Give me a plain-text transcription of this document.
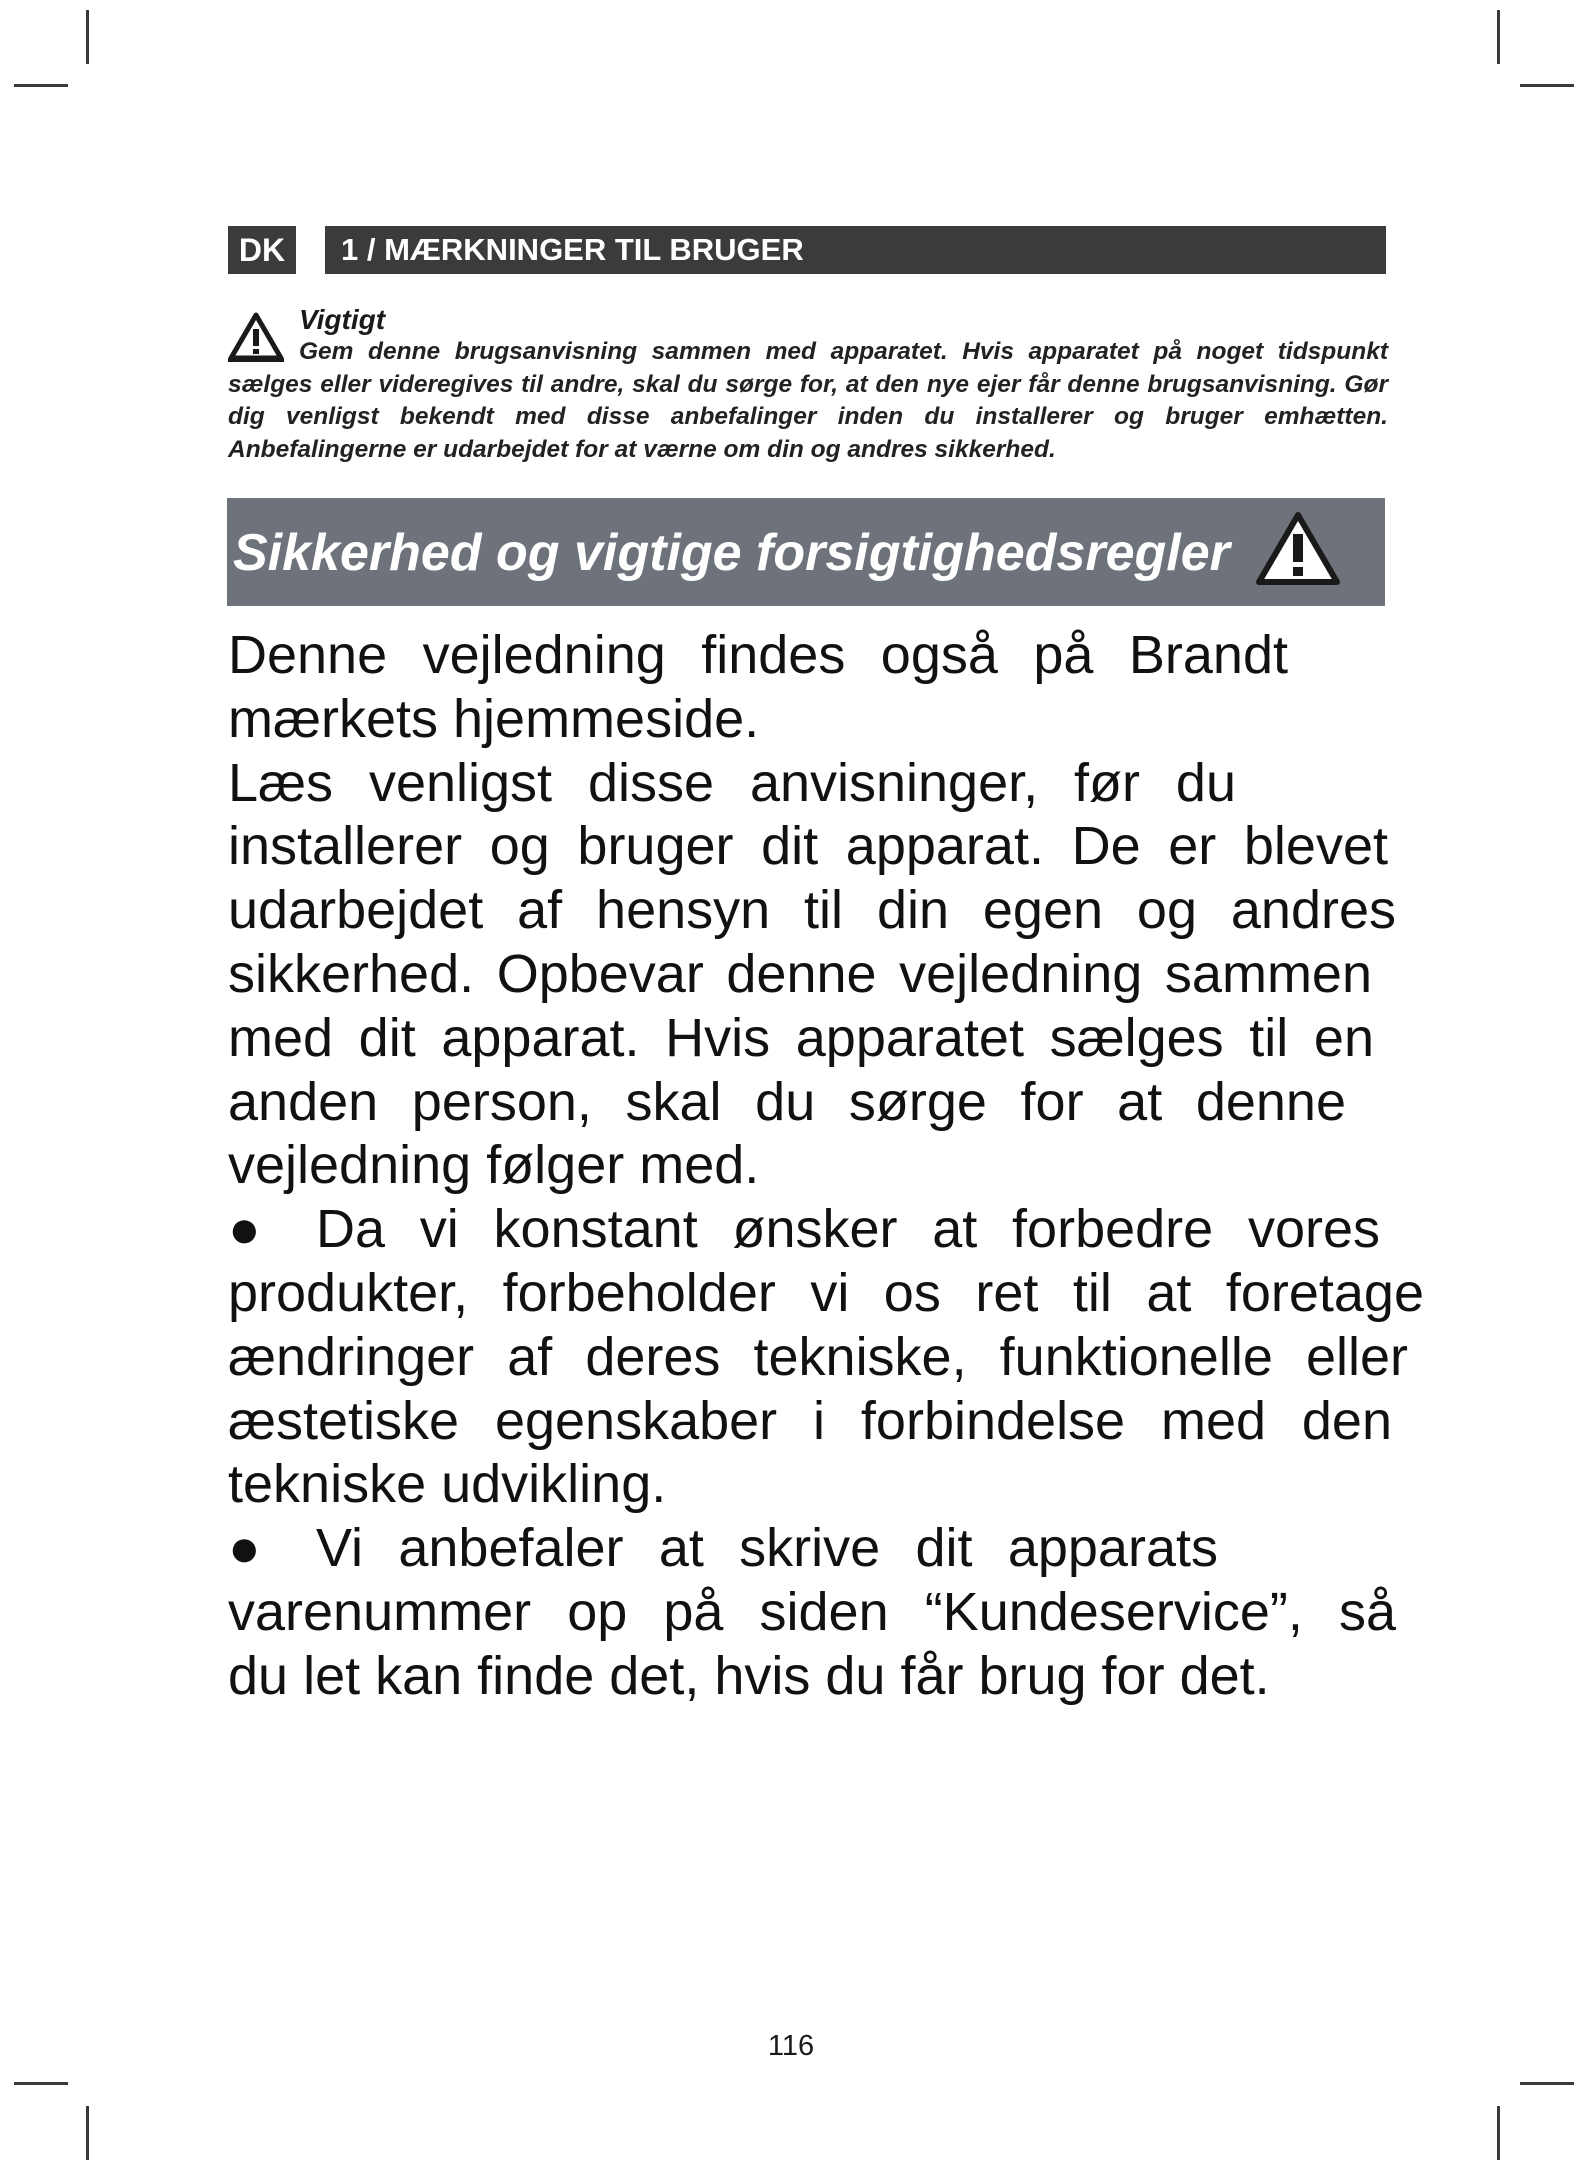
DK	1 / MÆRKNINGER TIL BRUGER
Vigtigt
Gem denne brugsanvisning sammen med apparatet. Hvis apparatet på noget tidspunkt sælges eller videregives til andre, skal du sørge for, at den nye ejer får denne brugsanvisning. Gør dig venligst bekendt med disse anbefalinger inden du installerer og bruger emhætten. Anbefalingerne er udarbejdet for at værne om din og andres sikkerhed.
Sikkerhed og vigtige forsigtighedsregler
Denne vejledning findes også på Brandt
mærkets hjemmeside.
Læs venligst disse anvisninger, før du
installerer og bruger dit apparat. De er blevet
udarbejdet af hensyn til din egen og andres
sikkerhed. Opbevar denne vejledning sammen
med dit apparat. Hvis apparatet sælges til en
anden person, skal du sørge for at denne
vejledning følger med.
●	Da vi konstant ønsker at forbedre vores
produkter, forbeholder vi os ret til at foretage
ændringer af deres tekniske, funktionelle eller
æstetiske egenskaber i forbindelse med den
tekniske udvikling.
●	Vi anbefaler at skrive dit apparats
varenummer op på siden “Kundeservice”, så
du let kan finde det, hvis du får brug for det.
116
